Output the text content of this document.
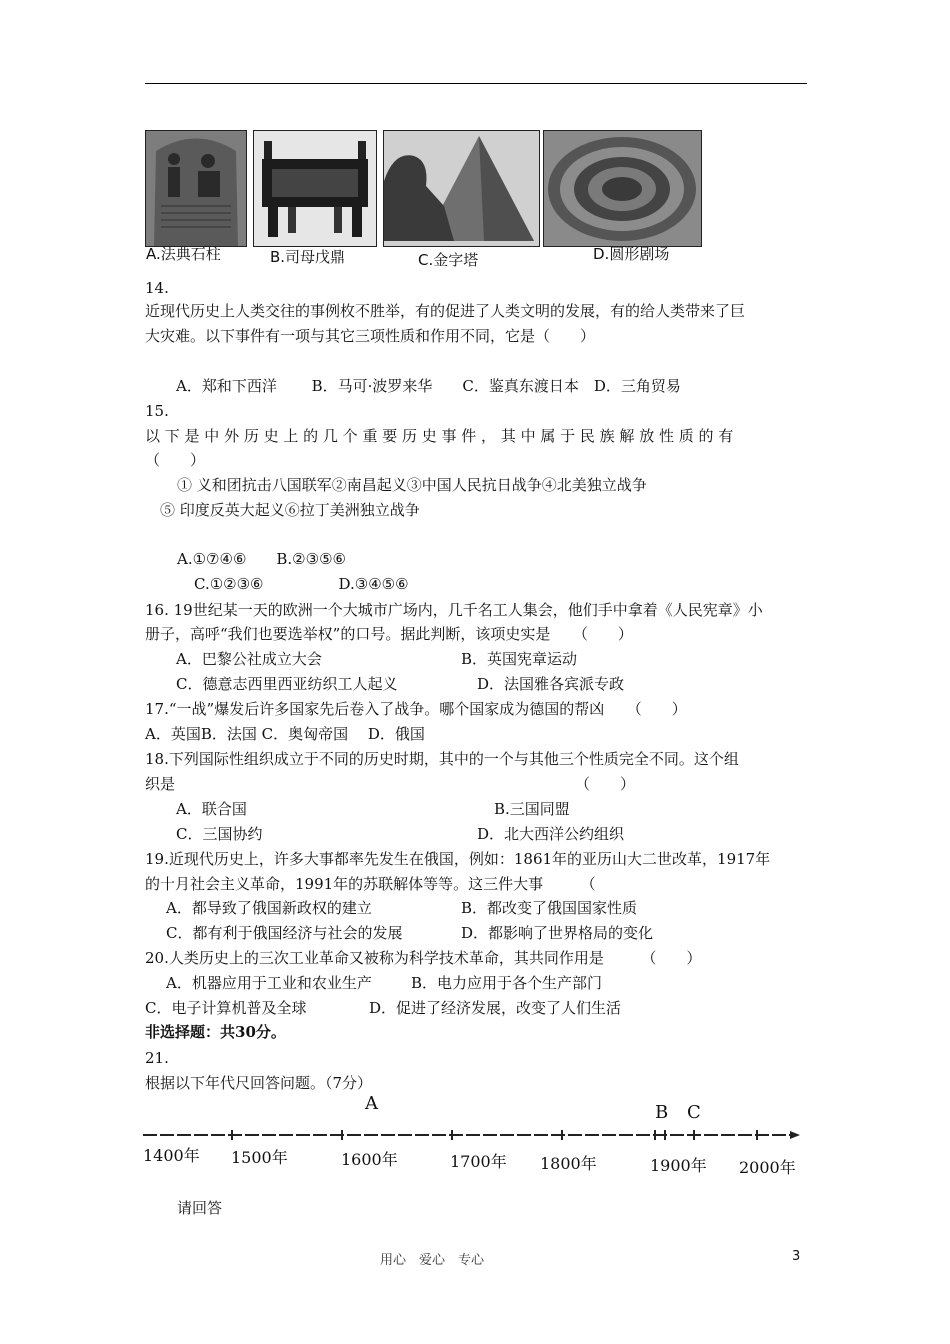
A.法典石柱	B.司母戊鼎	C.金字塔	D.圆形剧场
14.
近现代历史上人类交往的事例枚不胜举，有的促进了人类文明的发展，有的给人类带来了巨
大灾难。以下事件有一项与其它三项性质和作用不同，它是（　　）
A．郑和下西洋　　 B．马可·波罗来华　　C．鉴真东渡日本　D．三角贸易
15.
以 下 是 中 外 历 史 上 的 几 个 重 要 历 史 事 件 ， 其 中 属 于 民 族 解 放 性 质 的 有
（　　）
① 义和团抗击八国联军②南昌起义③中国人民抗日战争④北美独立战争
⑤ 印度反英大起义⑥拉丁美洲独立战争
A.①⑦④⑥　　B.②③⑤⑥
C.①②③⑥　　　　　D.③④⑤⑥
16. 19世纪某一天的欧洲一个大城市广场内，几千名工人集会，他们手中拿着《人民宪章》小
册子，高呼“我们也要选举权”的口号。据此判断，该项史实是　　（　　）
A．巴黎公社成立大会	B．英国宪章运动
C．德意志西里西亚纺织工人起义	D．法国雅各宾派专政
17.“一战”爆发后许多国家先后卷入了战争。哪个国家成为德国的帮凶　　（　　）
A．英国B．法国 C．奥匈帝国　 D．俄国
18.下列国际性组织成立于不同的历史时期，其中的一个与其他三个性质完全不同。这个组
织是	（　　）
A．联合国	B.三国同盟
C．三国协约	D．北大西洋公约组织
19.近现代历史上，许多大事都率先发生在俄国，例如：1861年的亚历山大二世改革，1917年
的十月社会主义革命，1991年的苏联解体等等。这三件大事　　　（
A．都导致了俄国新政权的建立	B．都改变了俄国国家性质
C．都有利于俄国经济与社会的发展	D．都影响了世界格局的变化
20.人类历史上的三次工业革命又被称为科学技术革命，其共同作用是　　　（　　）
A．机器应用于工业和农业生产	B．电力应用于各个生产部门
C．电子计算机普及全球	D．促进了经济发展，改变了人们生活
非选择题：共30分。
21.
根据以下年代尺回答问题。（7分）
A	B C
1400年 1500年	1600年	1700年 1800年	1900年 2000年
请回答
用心　爱心　专心	3
